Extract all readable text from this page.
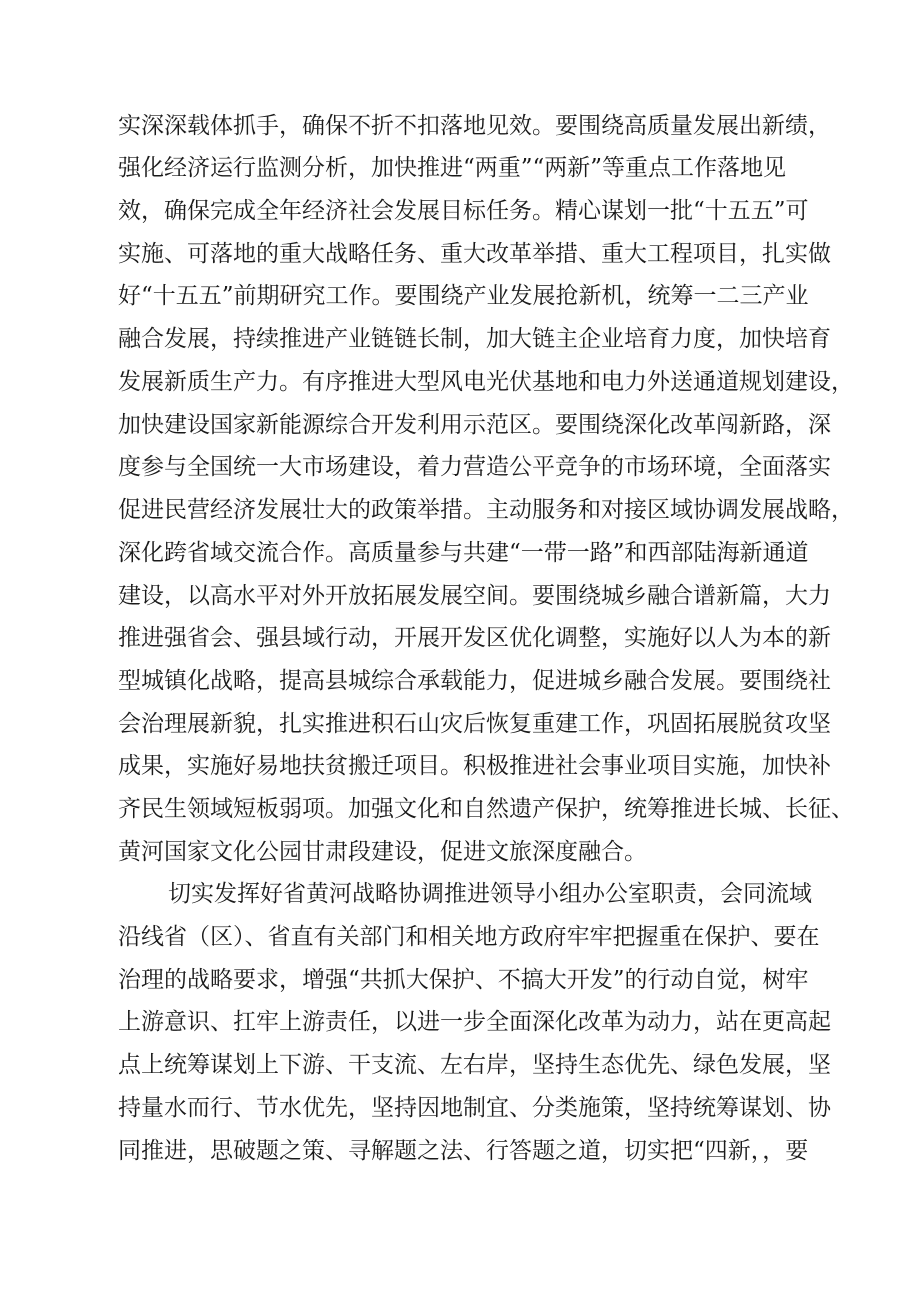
实深深载体抓手，确保不折不扣落地见效。要围绕高质量发展出新绩，
强化经济运行监测分析，加快推进“两重”“两新”等重点工作落地见
效，确保完成全年经济社会发展目标任务。精心谋划一批“十五五”可
实施、可落地的重大战略任务、重大改革举措、重大工程项目，扎实做
好“十五五”前期研究工作。要围绕产业发展抢新机，统筹一二三产业
融合发展，持续推进产业链链长制，加大链主企业培育力度，加快培育
发展新质生产力。有序推进大型风电光伏基地和电力外送通道规划建设，
加快建设国家新能源综合开发利用示范区。要围绕深化改革闯新路，深
度参与全国统一大市场建设，着力营造公平竞争的市场环境，全面落实
促进民营经济发展壮大的政策举措。主动服务和对接区域协调发展战略，
深化跨省域交流合作。高质量参与共建“一带一路”和西部陆海新通道
建设，以高水平对外开放拓展发展空间。要围绕城乡融合谱新篇，大力
推进强省会、强县域行动，开展开发区优化调整，实施好以人为本的新
型城镇化战略，提高县城综合承载能力，促进城乡融合发展。要围绕社
会治理展新貌，扎实推进积石山灾后恢复重建工作，巩固拓展脱贫攻坚
成果，实施好易地扶贫搬迁项目。积极推进社会事业项目实施，加快补
齐民生领域短板弱项。加强文化和自然遗产保护，统筹推进长城、长征、
黄河国家文化公园甘肃段建设，促进文旅深度融合。
切实发挥好省黄河战略协调推进领导小组办公室职责，会同流域
沿线省（区）、省直有关部门和相关地方政府牢牢把握重在保护、要在
治理的战略要求，增强“共抓大保护、不搞大开发”的行动自觉，树牢
上游意识、扛牢上游责任，以进一步全面深化改革为动力，站在更高起
点上统筹谋划上下游、干支流、左右岸，坚持生态优先、绿色发展，坚
持量水而行、节水优先，坚持因地制宜、分类施策，坚持统筹谋划、协
同推进，思破题之策、寻解题之法、行答题之道，切实把“四新，，要
